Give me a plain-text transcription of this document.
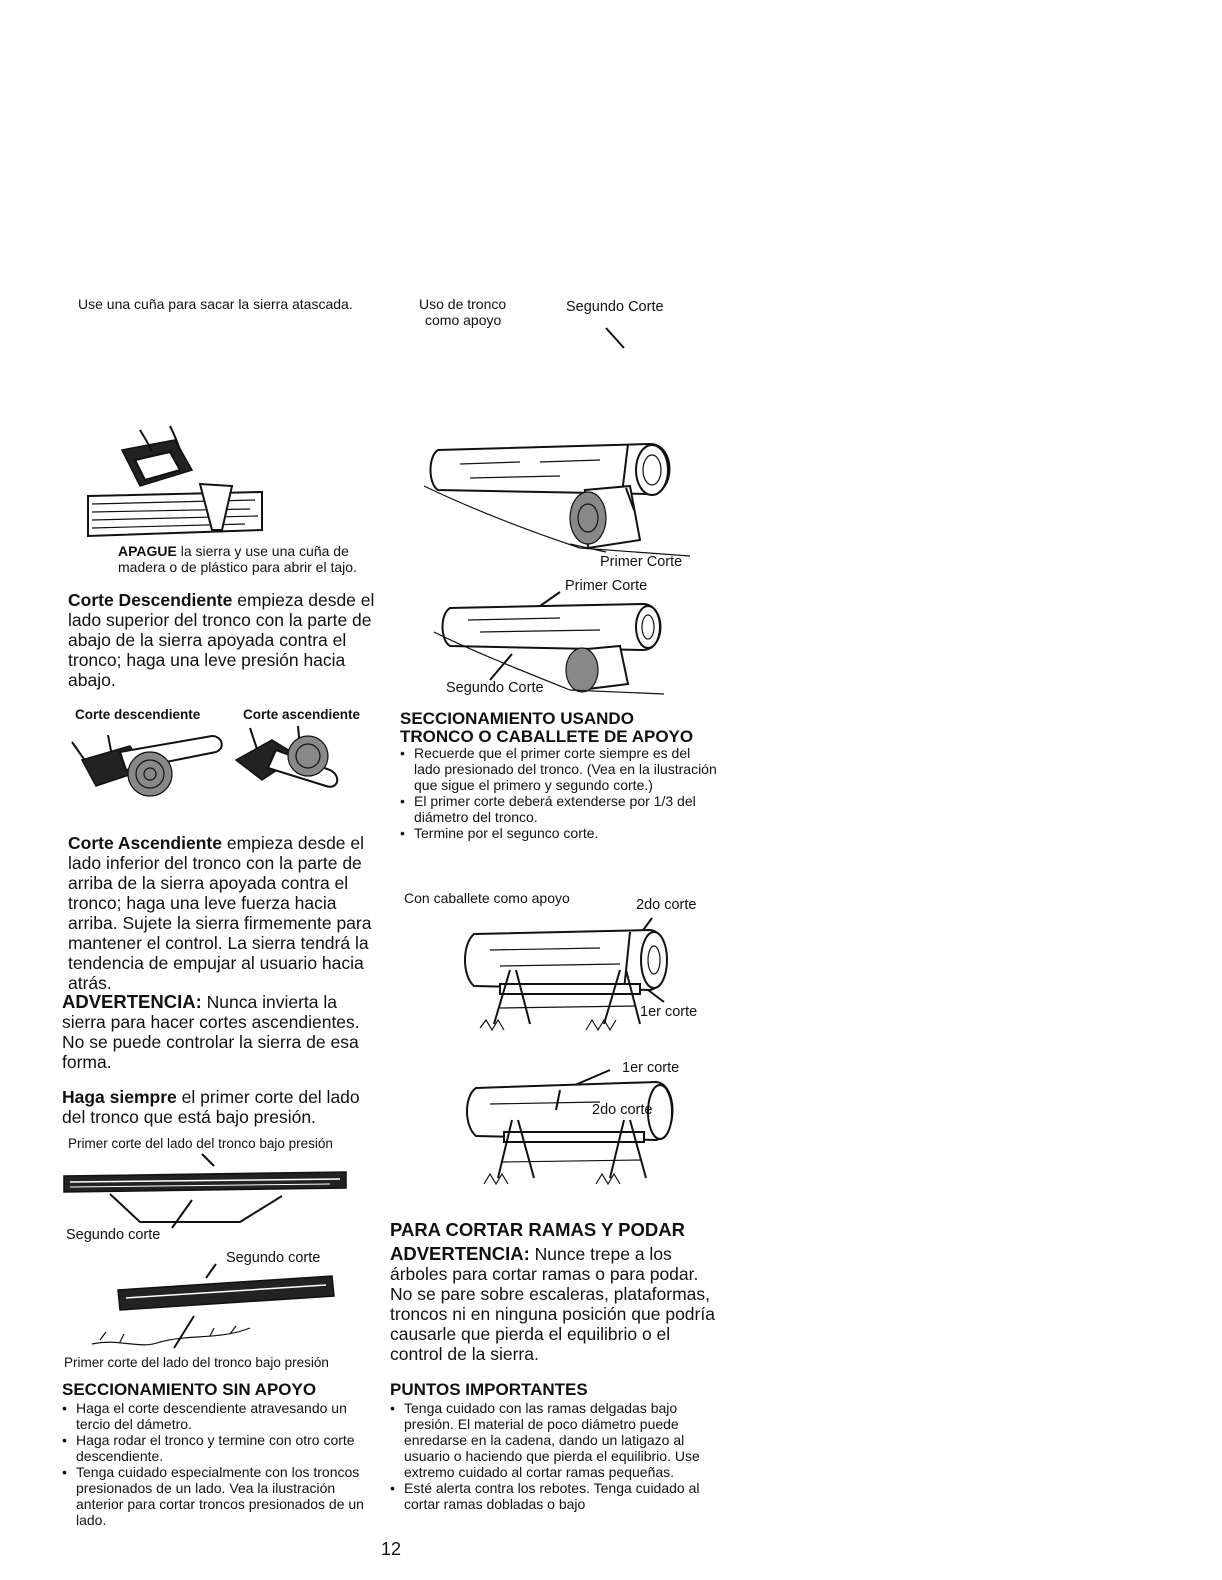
Use una cuña para sacar la sierra atascada.
APAGUE la sierra y use una cuña de
madera o de plástico para abrir el tajo.
Corte Descendiente empieza desde el lado superior del tronco con la parte de abajo de la sierra apoyada contra el tronco; haga una leve presión hacia abajo.
Corte descendiente	Corte ascendiente
Corte Ascendiente empieza desde el lado inferior del tronco con la parte de arriba de la sierra apoyada contra el tronco; haga una leve fuerza hacia arriba. Sujete la sierra firmemente para mantener el control. La sierra tendrá la tendencia de empujar al usuario hacia atrás.
ADVERTENCIA: Nunca invierta la sierra para hacer cortes ascendientes. No se puede controlar la sierra de esa forma.
Haga siempre el primer corte del lado del tronco que está bajo presión.
Primer corte del lado del tronco bajo presión
Segundo corte
Segundo corte
Primer corte del lado del tronco bajo presión
SECCIONAMIENTO SIN APOYO
• Haga el corte descendiente atravesando un tercio del dámetro.
• Haga rodar el tronco y termine con otro corte descendiente.
• Tenga cuidado especialmente con los troncos presionados de un lado. Vea la ilustración anterior para cortar troncos presionados de un lado.
Uso de tronco
como apoyo
Segundo Corte
Primer Corte
Primer Corte
Segundo Corte
SECCIONAMIENTO USANDO
TRONCO O CABALLETE DE APOYO
• Recuerde que el primer corte siempre es del lado presionado del tronco. (Vea en la ilustración que sigue el primero y segundo corte.)
• El primer corte deberá extenderse por 1/3 del diámetro del tronco.
• Termine por el segunco corte.
Con caballete como apoyo	2do corte
1er corte
1er corte
2do corte
PARA CORTAR RAMAS Y PODAR
ADVERTENCIA: Nunce trepe a los árboles para cortar ramas o para podar. No se pare sobre escaleras, plataformas, troncos ni en ninguna posición que podría causarle que pierda el equilibrio o el control de la sierra.
PUNTOS IMPORTANTES
• Tenga cuidado con las ramas delgadas bajo presión. El material de poco diámetro puede enredarse en la cadena, dando un latigazo al usuario o haciendo que pierda el equilibrio. Use extremo cuidado al cortar ramas pequeñas.
• Esté alerta contra los rebotes. Tenga cuidado al cortar ramas dobladas o bajo
12
